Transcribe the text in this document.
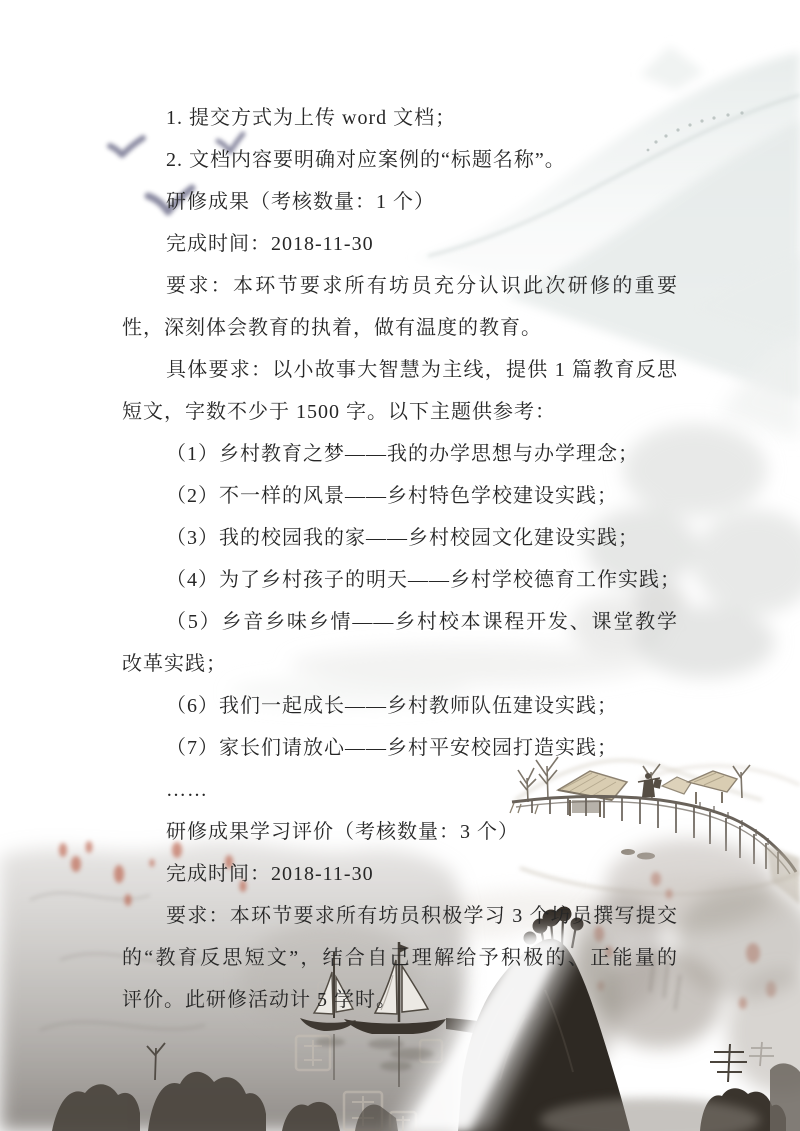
1. 提交方式为上传 word 文档；
2. 文档内容要明确对应案例的“标题名称”。
研修成果（考核数量：1 个）
完成时间：2018-11-30
要求：本环节要求所有坊员充分认识此次研修的重要
性，深刻体会教育的执着，做有温度的教育。
具体要求：以小故事大智慧为主线，提供 1 篇教育反思
短文，字数不少于 1500 字。以下主题供参考：
（1）乡村教育之梦——我的办学思想与办学理念；
（2）不一样的风景——乡村特色学校建设实践；
（3）我的校园我的家——乡村校园文化建设实践；
（4）为了乡村孩子的明天——乡村学校德育工作实践；
（5）乡音乡味乡情——乡村校本课程开发、课堂教学
改革实践；
（6）我们一起成长——乡村教师队伍建设实践；
（7）家长们请放心——乡村平安校园打造实践；
……
研修成果学习评价（考核数量：3 个）
完成时间：2018-11-30
要求：本环节要求所有坊员积极学习 3 个坊员撰写提交
的“教育反思短文”，结合自己理解给予积极的、正能量的
评价。此研修活动计 5 学时。
